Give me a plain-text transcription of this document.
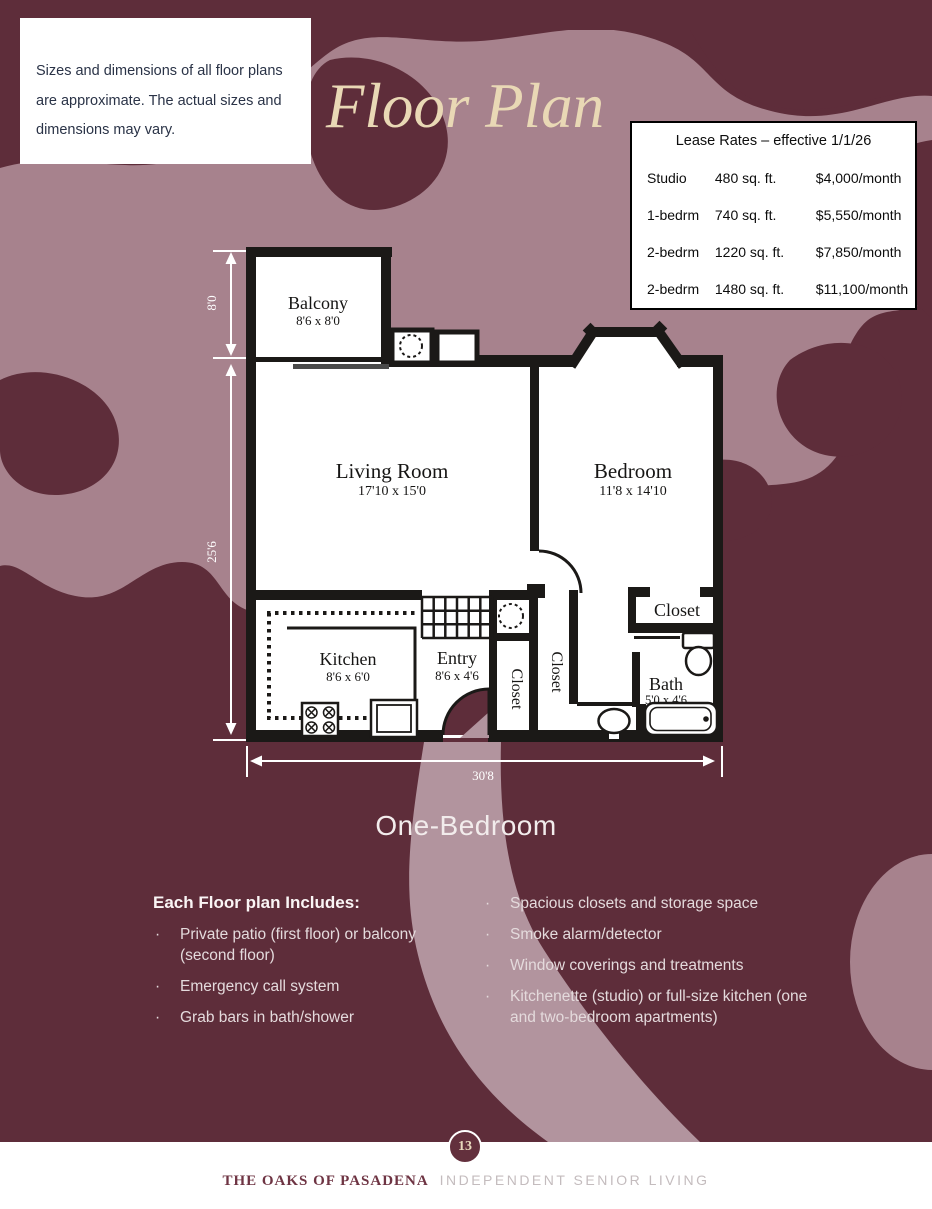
Sizes and dimensions of all floor plans are approximate. The actual sizes and dimensions may vary.	Floor Plan	Lease Rates – effective 1/1/26
Studio 480 sq. ft.	$4,000/month
1-bedrm 740 sq. ft.	$5,550/month
2-bedrm 1220 sq. ft. $7,850/month
2-bedrm 1480 sq. ft. $11,100/month
Balcony
8'6 x 8'0
Living Room
17'10 x 15'0
Bedroom
11'8 x 14'10
Kitchen
8'6 x 6'0
Entry
8'6 x 4'6 Closet Closet
Closet
Bath
5'0 x 4'6
8'0
25'6
30'8
One-Bedroom
Each Floor plan Includes:
· Private patio (first floor) or balcony (second floor)
· Emergency call system
· Grab bars in bath/shower
· Spacious closets and storage space
· Smoke alarm/detector
· Window coverings and treatments
· Kitchenette (studio) or full-size kitchen (one and two-bedroom apartments)
13
THE OAKS OF PASADENA INDEPENDENT SENIOR LIVING
